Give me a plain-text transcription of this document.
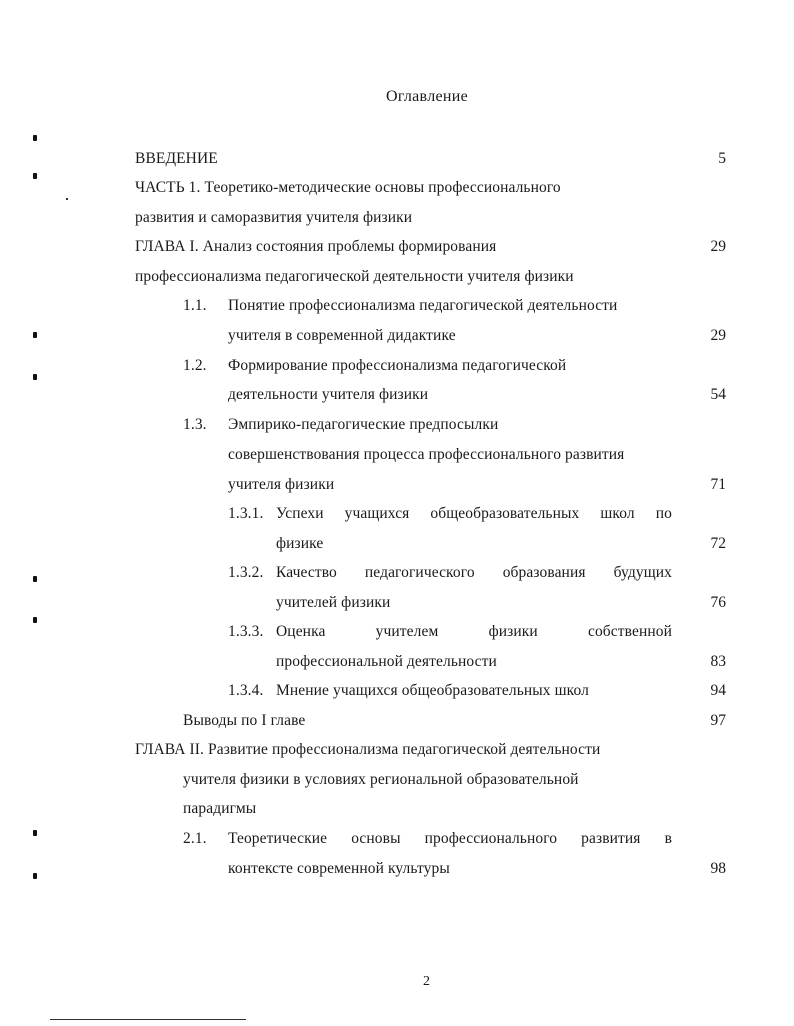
Оглавление
ВВЕДЕНИЕ	5
ЧАСТЬ 1. Теоретико-методические основы профессионального
развития и саморазвития учителя физики
ГЛАВА I. Анализ состояния проблемы формирования	29
профессионализма педагогической деятельности учителя физики
1.1. Понятие профессионализма педагогической деятельности
учителя в современной дидактике	29
1.2. Формирование профессионализма педагогической
деятельности учителя физики	54
1.3. Эмпирико-педагогические предпосылки
совершенствования процесса профессионального развития
учителя физики	71
1.3.1. Успехи учащихся общеобразовательных школ по
физике	72
1.3.2. Качество педагогического образования будущих
учителей физики	76
1.3.3. Оценка учителем физики собственной
профессиональной деятельности	83
1.3.4. Мнение учащихся общеобразовательных школ	94
Выводы по I главе	97
ГЛАВА II. Развитие профессионализма педагогической деятельности
учителя физики в условиях региональной образовательной
парадигмы
2.1. Теоретические основы профессионального развития в
контексте современной культуры	98
2
